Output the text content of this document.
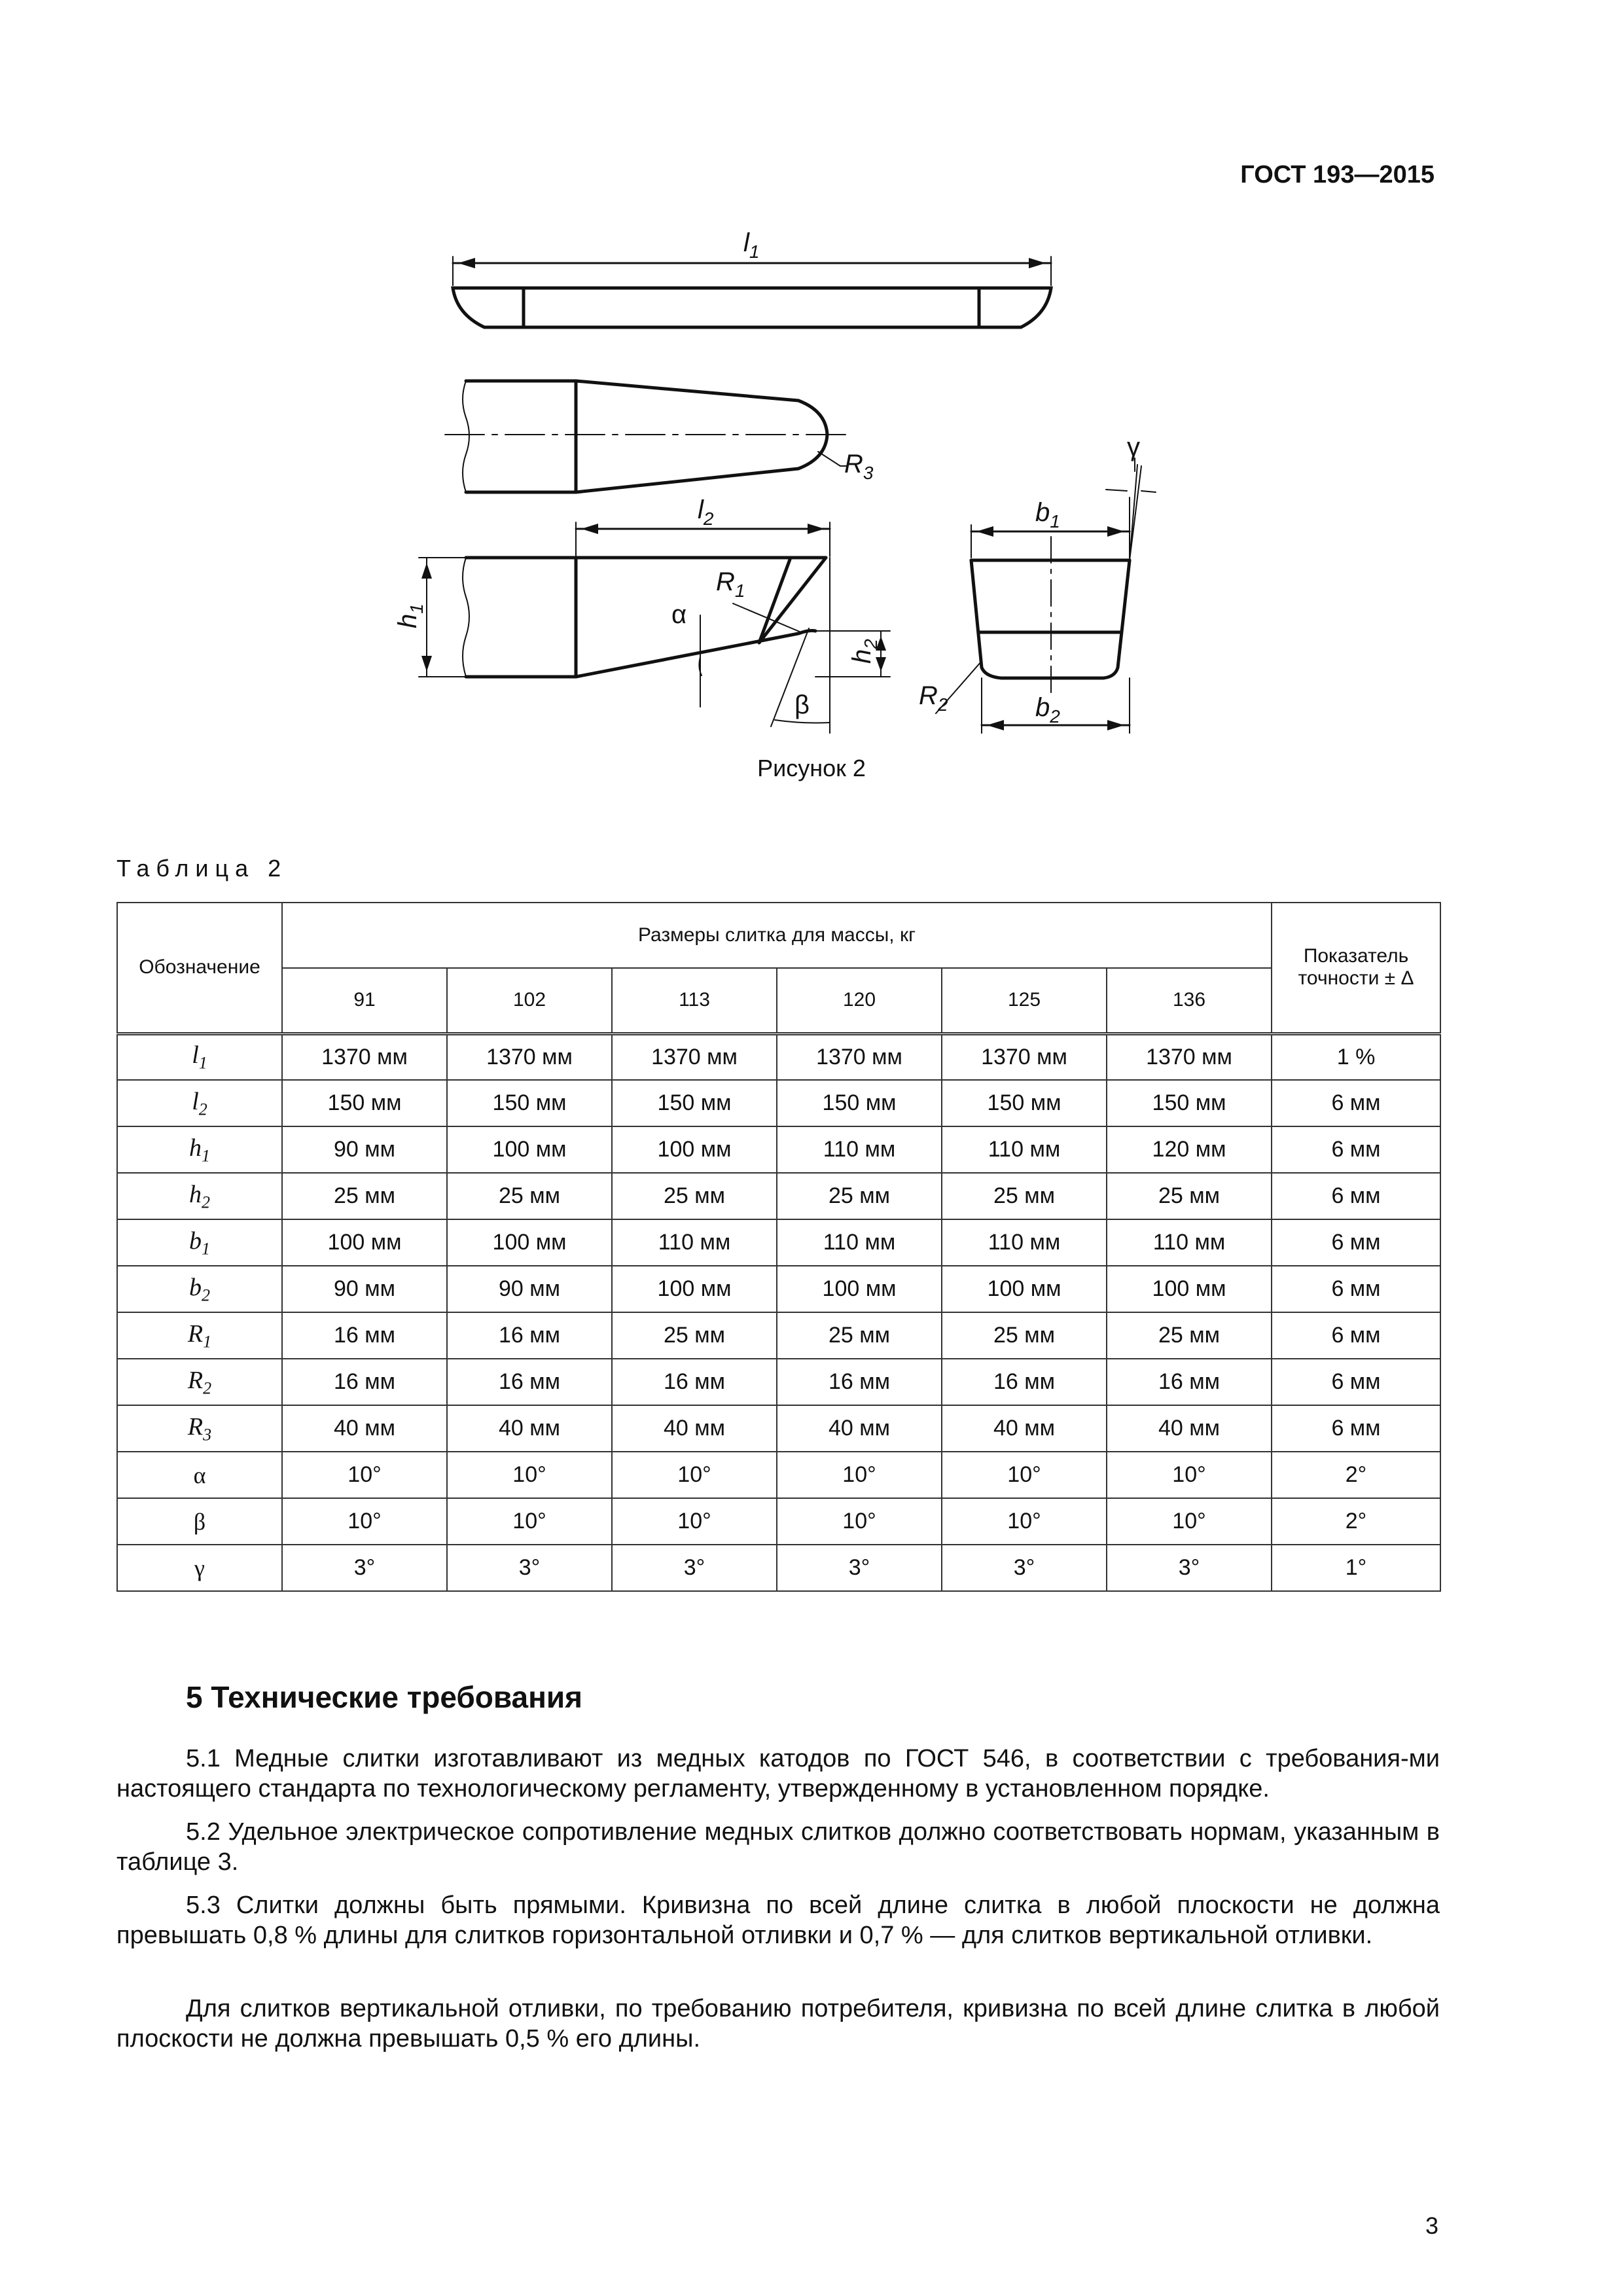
ГОСТ 193—2015
$l_1$
$R_3$
$l_2$
$R_1$
$h_1$
$h_2$
α
β
$b_1$
$b_2$
$R_2$
γ
Рисунок 2
Таблица 2
Обозначение	Размеры слитка для массы, кг						Показатель
точности ± Δ
	91	102	113	120	125	136	
$l_1$	1370 мм	1370 мм	1370 мм	1370 мм	1370 мм	1370 мм	1 %
$l_2$	150 мм	150 мм	150 мм	150 мм	150 мм	150 мм	6 мм
$h_1$	90 мм	100 мм	100 мм	110 мм	110 мм	120 мм	6 мм
$h_2$	25 мм	25 мм	25 мм	25 мм	25 мм	25 мм	6 мм
$b_1$	100 мм	100 мм	110 мм	110 мм	110 мм	110 мм	6 мм
$b_2$	90 мм	90 мм	100 мм	100 мм	100 мм	100 мм	6 мм
$R_1$	16 мм	16 мм	25 мм	25 мм	25 мм	25 мм	6 мм
$R_2$	16 мм	16 мм	16 мм	16 мм	16 мм	16 мм	6 мм
$R_3$	40 мм	40 мм	40 мм	40 мм	40 мм	40 мм	6 мм
α	10°	10°	10°	10°	10°	10°	2°
β	10°	10°	10°	10°	10°	10°	2°
γ	3°	3°	3°	3°	3°	3°	1°
5 Технические требования
5.1 Медные слитки изготавливают из медных катодов по ГОСТ 546, в соответствии с требования-ми настоящего стандарта по технологическому регламенту, утвержденному в установленном порядке.
5.2 Удельное электрическое сопротивление медных слитков должно соответствовать нормам, указанным в таблице 3.
5.3 Слитки должны быть прямыми. Кривизна по всей длине слитка в любой плоскости не должна превышать 0,8 % длины для слитков горизонтальной отливки и 0,7 % — для слитков вертикальной отливки.
Для слитков вертикальной отливки, по требованию потребителя, кривизна по всей длине слитка в любой плоскости не должна превышать 0,5 % его длины.
3
